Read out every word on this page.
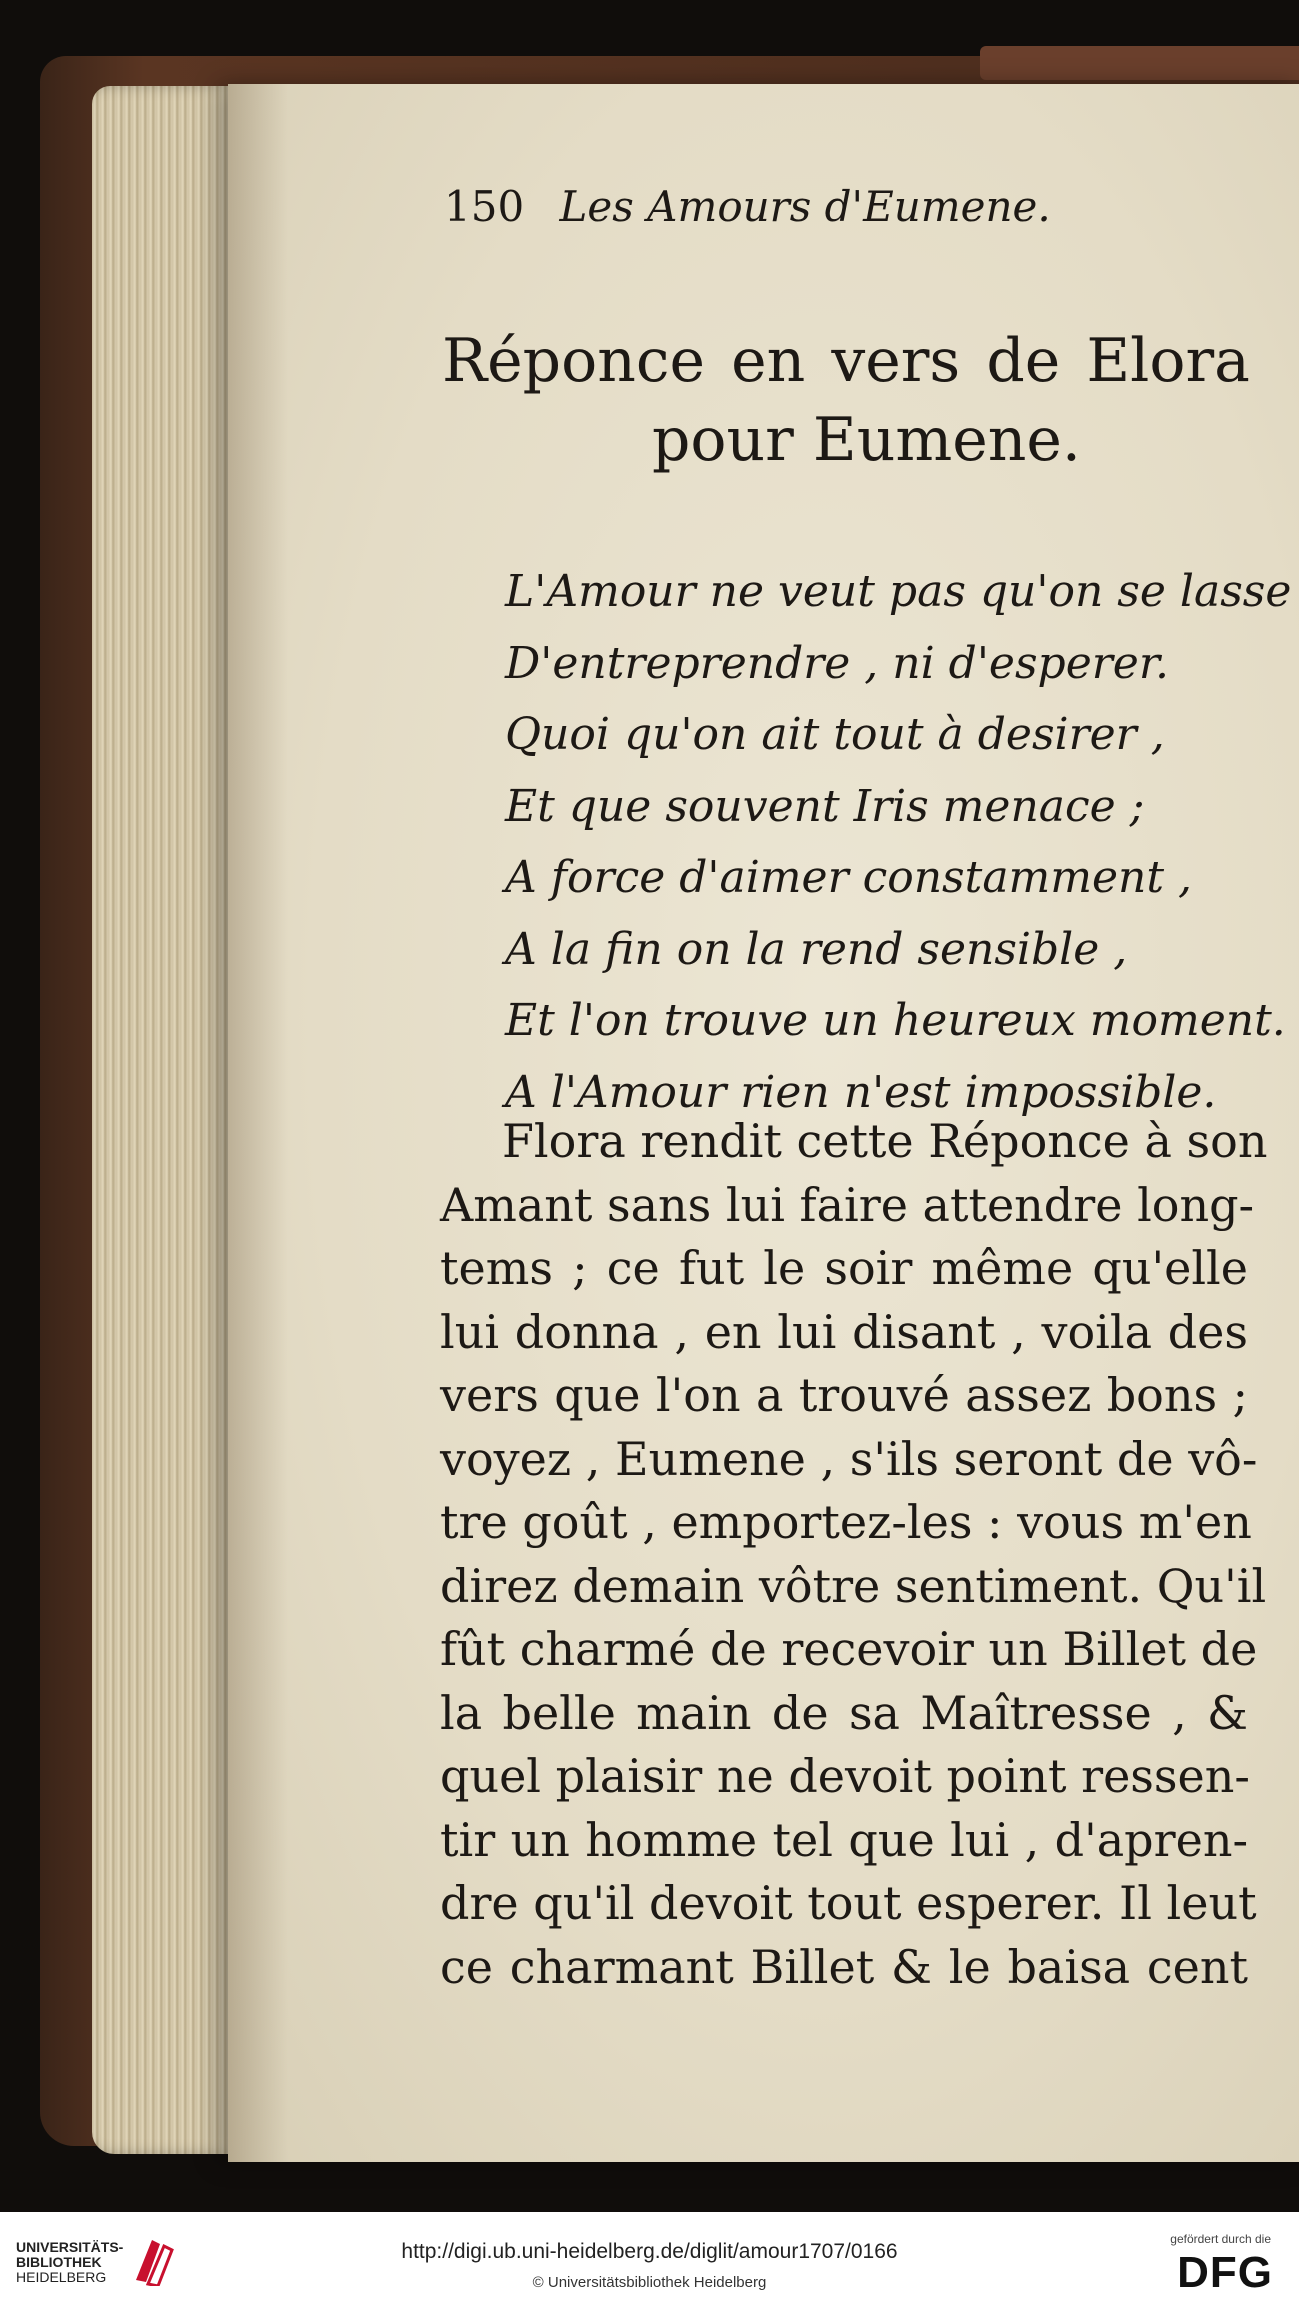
150 Les Amours d'Eumene.
Réponce en vers de Elora
pour Eumene.
L'Amour ne veut pas qu'on se lasse
D'entreprendre , ni d'esperer.
Quoi qu'on ait tout à desirer ,
Et que souvent Iris menace ;
A force d'aimer constamment ,
A la fin on la rend sensible ,
Et l'on trouve un heureux moment.
A l'Amour rien n'est impossible.
Flora rendit cette Réponce à son
Amant sans lui faire attendre long-
tems ; ce fut le soir même qu'elle
lui donna , en lui disant , voila des
vers que l'on a trouvé assez bons ;
voyez , Eumene , s'ils seront de vô-
tre goût , emportez-les : vous m'en
direz demain vôtre sentiment. Qu'il
fût charmé de recevoir un Billet de
la belle main de sa Maîtresse , &
quel plaisir ne devoit point ressen-
tir un homme tel que lui , d'apren-
dre qu'il devoit tout esperer. Il leut
ce charmant Billet & le baisa cent
UNIVERSITÄTS-
BIBLIOTHEK
HEIDELBERG
http://digi.ub.uni-heidelberg.de/diglit/amour1707/0166
© Universitätsbibliothek Heidelberg
gefördert durch die
DFG
